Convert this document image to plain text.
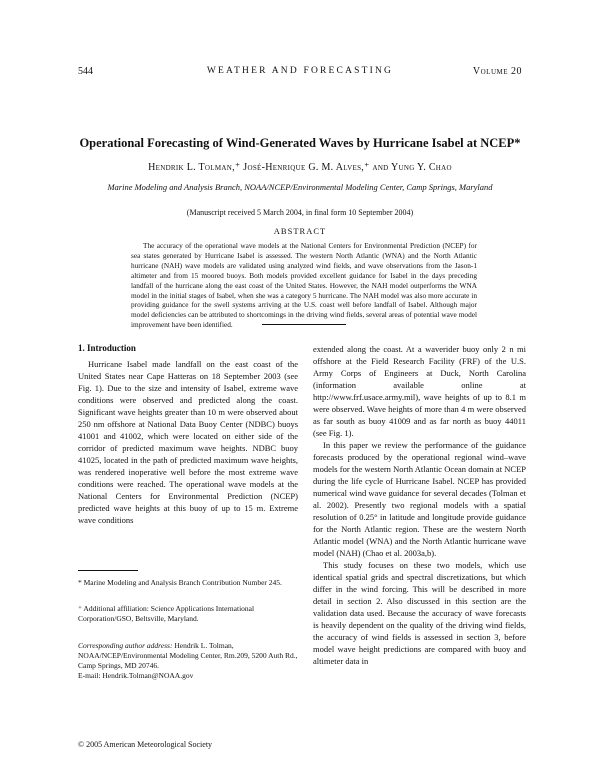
544	WEATHER AND FORECASTING	Volume 20
Operational Forecasting of Wind-Generated Waves by Hurricane Isabel at NCEP*
Hendrik L. Tolman,⁺ José-Henrique G. M. Alves,⁺ and Yung Y. Chao
Marine Modeling and Analysis Branch, NOAA/NCEP/Environmental Modeling Center, Camp Springs, Maryland
(Manuscript received 5 March 2004, in final form 10 September 2004)
ABSTRACT

The accuracy of the operational wave models at the National Centers for Environmental Prediction (NCEP) for sea states generated by Hurricane Isabel is assessed. The western North Atlantic (WNA) and the North Atlantic hurricane (NAH) wave models are validated using analyzed wind fields, and wave observations from the Jason-1 altimeter and from 15 moored buoys. Both models provided excellent guidance for Isabel in the days preceding landfall of the hurricane along the east coast of the United States. However, the NAH model outperforms the WNA model in the initial stages of Isabel, when she was a category 5 hurricane. The NAH model was also more accurate in providing guidance for the swell systems arriving at the U.S. coast well before landfall of Isabel. Although major model deficiencies can be attributed to shortcomings in the driving wind fields, several areas of potential wave model improvement have been identified.

1. Introduction

Hurricane Isabel made landfall on the east coast of the United States near Cape Hatteras on 18 September 2003 (see Fig. 1). Due to the size and intensity of Isabel, extreme wave conditions were observed and predicted along the coast. Significant wave heights greater than 10 m were observed about 250 nm offshore at National Data Buoy Center (NDBC) buoys 41001 and 41002, which were located on either side of the corridor of predicted maximum wave heights. NDBC buoy 41025, located in the path of predicted maximum wave heights, was rendered inoperative well before the most extreme wave conditions were reached. The operational wave models at the National Centers for Environmental Prediction (NCEP) predicted wave heights at this buoy of up to 15 m. Extreme wave conditions

extended along the coast. At a waverider buoy only 2 n mi offshore at the Field Research Facility (FRF) of the U.S. Army Corps of Engineers at Duck, North Carolina (information available online at http://www.frf.usace.army.mil), wave heights of up to 8.1 m were observed. Wave heights of more than 4 m were observed as far south as buoy 41009 and as far north as buoy 44011 (see Fig. 1).

In this paper we review the performance of the guidance forecasts produced by the operational regional wind–wave models for the western North Atlantic Ocean domain at NCEP during the life cycle of Hurricane Isabel. NCEP has provided numerical wind wave guidance for several decades (Tolman et al. 2002). Presently two regional models with a spatial resolution of 0.25° in latitude and longitude provide guidance for the North Atlantic region. These are the western North Atlantic model (WNA) and the North Atlantic hurricane wave model (NAH) (Chao et al. 2003a,b).

This study focuses on these two models, which use identical spatial grids and spectral discretizations, but which differ in the wind forcing. This will be described in more detail in section 2. Also discussed in this section are the validation data used. Because the accuracy of wave forecasts is heavily dependent on the quality of the driving wind fields, the accuracy of wind fields is assessed in section 3, before model wave height predictions are compared with buoy and altimeter data in

* Marine Modeling and Analysis Branch Contribution Number 245.

⁺ Additional affiliation: Science Applications International Corporation/GSO, Beltsville, Maryland.

Corresponding author address: Hendrik L. Tolman, NOAA/NCEP/Environmental Modeling Center, Rm.209, 5200 Auth Rd., Camp Springs, MD 20746.
E-mail: Hendrik.Tolman@NOAA.gov

© 2005 American Meteorological Society
